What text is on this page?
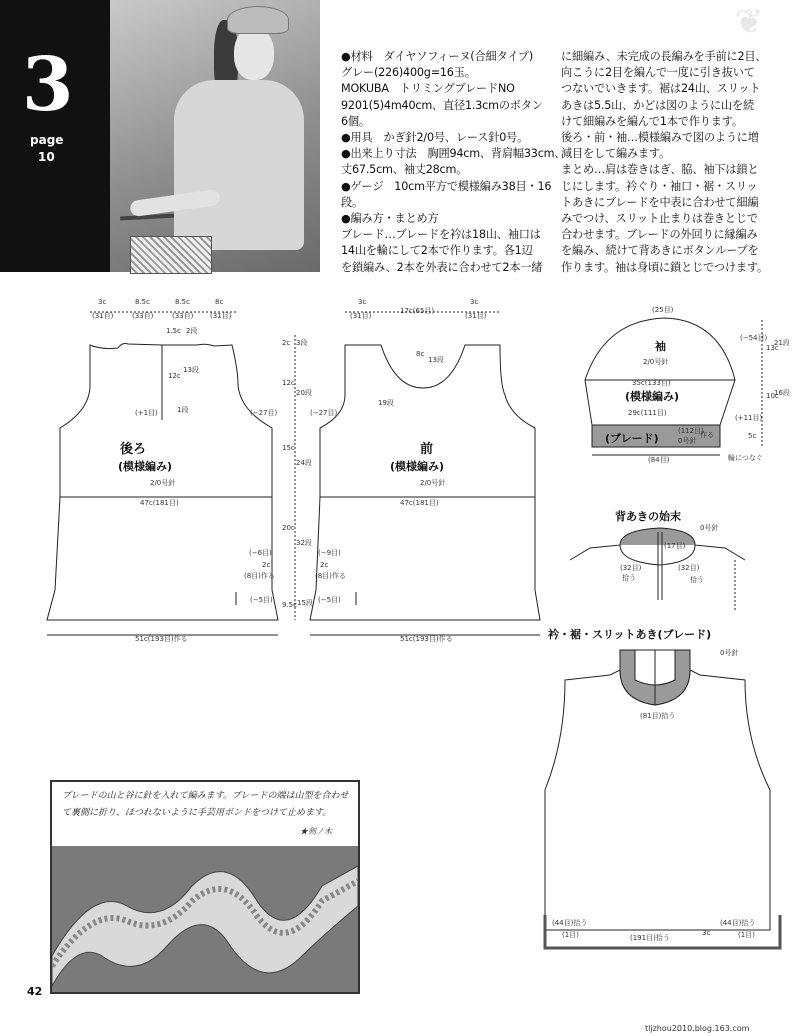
3
page
10
❦
●材料　ダイヤソフィーヌ(合細タイプ)
グレー(226)400g=16玉。
MOKUBA　トリミングブレードNO
9201(5)4m40cm、直径1.3cmのボタン
6個。
●用具　かぎ針2/0号、レース針0号。
●出来上り寸法　胸囲94cm、背肩幅33cm、
丈67.5cm、袖丈28cm。
●ゲージ　10cm平方で模様編み38目・16
段。
●編み方・まとめ方
ブレード…ブレードを衿は18山、袖口は
14山を輪にして2本で作ります。各1辺
を鎖編み、2本を外表に合わせて2本一緒
に細編み、未完成の長編みを手前に2目、
向こうに2目を編んで一度に引き抜いて
つないでいきます。裾は24山、スリット
あきは5.5山、かどは図のように山を続
けて細編みを編んで1本で作ります。
後ろ・前・袖…模様編みで図のように増
減目をして編みます。
まとめ…肩は巻きはぎ、脇、袖下は鎖と
じにします。衿ぐり・袖口・裾・スリッ
トあきにブレードを中表に合わせて細編
みでつけ、スリット止まりは巻きとじで
合わせます。ブレードの外回りに縁編み
を編み、続けて背あきにボタンループを
作ります。袖は身頃に鎖とじでつけます。
3c	8.5c	8.5c	8c
(31目)	(33目)	(33目) (31目)
1.5c 2段
12c
13段
(+1目)	1段	(−27目)
後ろ
(模様編み)
2/0号針
47c(181目)
(−6目)
2c
(8目)作る
(−5目)
51c(193目)作る
2c 3段
12c
20段
15c
24段
20c
32段
9.5c 15段
3c
17c(65目)
3c
(31目)	(31目)
8c
13段
19段
(−27目)
前
(模様編み)
2/0号針
47c(181目)
(−9目)
2c
(8目)作る
(−5目)
51c(193目)作る
(25目)
(−54目)
13c
21段
袖
2/0号針
35c(133目)
(模様編み)	10c
16段
29c(111目)
(+11目)
(112目)
作る
(ブレード)	0号針
5c
(84目)	輪につなぐ
背あきの始末
0号針
(17目)
(32目)
拾う
(32目)
拾う
衿・裾・スリットあき(ブレード)
0号針
(81目)拾う
(44目)拾う
(1目)	(191目)拾う
3c
(44目)拾う
(1目)
ブレードの山と谷に針を入れて編みます。ブレードの端は山型を合わせて裏側に折り、ほつれないように手芸用ボンドをつけて止めます。
★剣ノ木
42
tljzhou2010.blog.163.com
